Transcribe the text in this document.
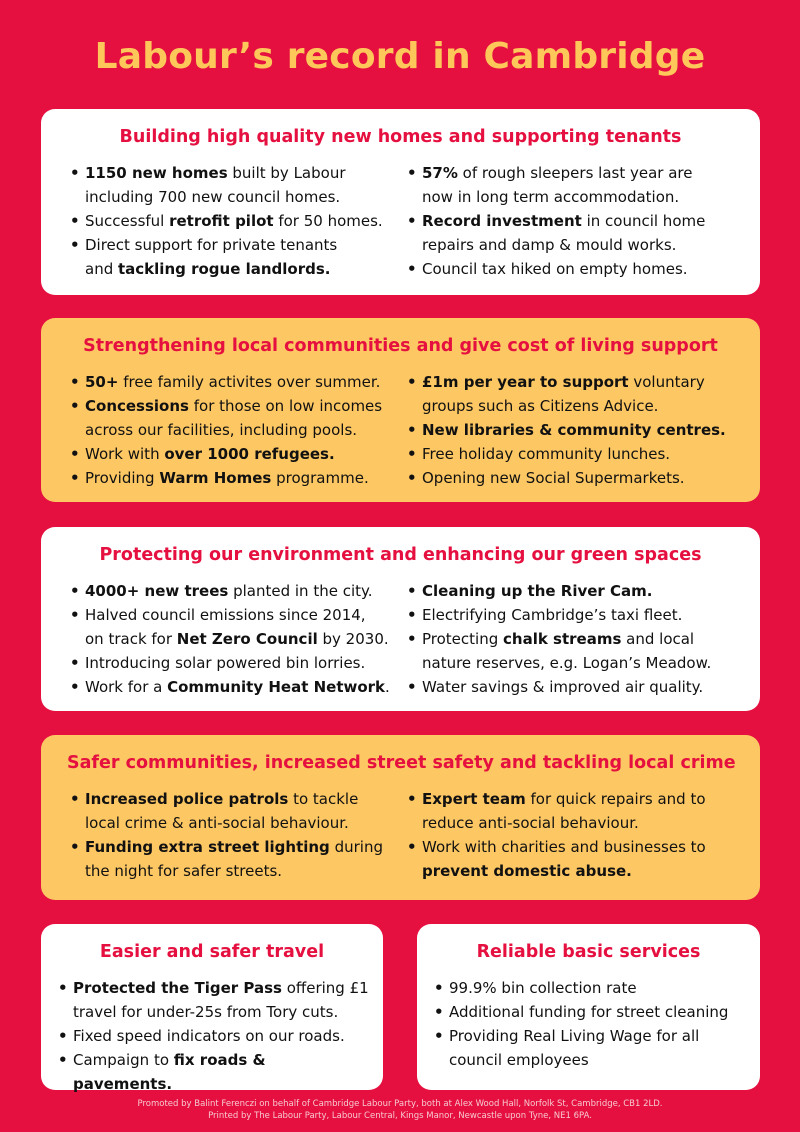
Labour’s record in Cambridge
Building high quality new homes and supporting tenants
• 1150 new homes built by Labour
including 700 new council homes.
• Successful retrofit pilot for 50 homes.
• Direct support for private tenants
and tackling rogue landlords.
• 57% of rough sleepers last year are
now in long term accommodation.
• Record investment in council home
repairs and damp & mould works.
• Council tax hiked on empty homes.
Strengthening local communities and give cost of living support
• 50+ free family activites over summer.
• Concessions for those on low incomes
across our facilities, including pools.
• Work with over 1000 refugees.
• Providing Warm Homes programme.
• £1m per year to support voluntary
groups such as Citizens Advice.
• New libraries & community centres.
• Free holiday community lunches.
• Opening new Social Supermarkets.
Protecting our environment and enhancing our green spaces
• 4000+ new trees planted in the city.
• Halved council emissions since 2014,
on track for Net Zero Council by 2030.
• Introducing solar powered bin lorries.
• Work for a Community Heat Network.
• Cleaning up the River Cam.
• Electrifying Cambridge’s taxi fleet.
• Protecting chalk streams and local
nature reserves, e.g. Logan’s Meadow.
• Water savings & improved air quality.
Safer communities, increased street safety and tackling local crime
• Increased police patrols to tackle
local crime & anti-social behaviour.
• Funding extra street lighting during
the night for safer streets.
• Expert team for quick repairs and to
reduce anti-social behaviour.
• Work with charities and businesses to
prevent domestic abuse.
Easier and safer travel
• Protected the Tiger Pass offering £1
travel for under-25s from Tory cuts.
• Fixed speed indicators on our roads.
• Campaign to fix roads & pavements.
Reliable basic services
• 99.9% bin collection rate
• Additional funding for street cleaning
• Providing Real Living Wage for all
council employees
Promoted by Balint Ferenczi on behalf of Cambridge Labour Party, both at Alex Wood Hall, Norfolk St, Cambridge, CB1 2LD.
Printed by The Labour Party, Labour Central, Kings Manor, Newcastle upon Tyne, NE1 6PA.
